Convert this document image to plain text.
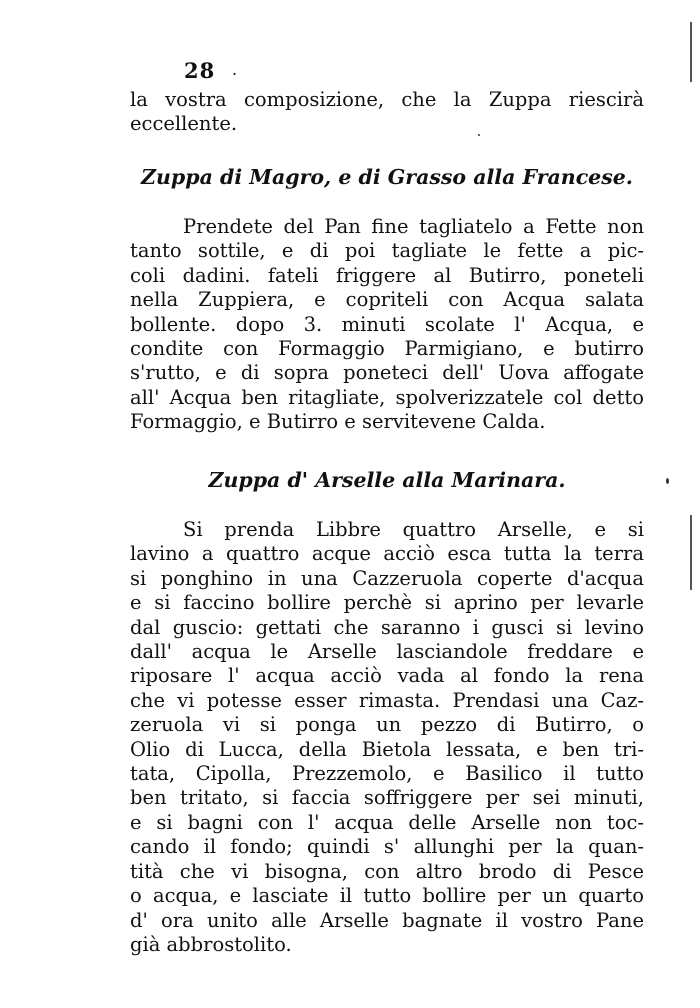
28 .
la vostra composizione, che la Zuppa riescirà
eccellente.
Zuppa di Magro, e di Grasso alla Francese.
Prendete del Pan fine tagliatelo a Fette non
tanto sottile, e di poi tagliate le fette a pic-
coli dadini. fateli friggere al Butirro, poneteli
nella Zuppiera, e copriteli con Acqua salata
bollente. dopo 3. minuti scolate l' Acqua, e
condite con Formaggio Parmigiano, e butirro
s'rutto, e di sopra poneteci dell' Uova affogate
all' Acqua ben ritagliate, spolverizzatele col detto
Formaggio, e Butirro e servitevene Calda.
Zuppa d' Arselle alla Marinara.
Si prenda Libbre quattro Arselle, e si
lavino a quattro acque acciò esca tutta la terra
si ponghino in una Cazzeruola coperte d'acqua
e si faccino bollire perchè si aprino per levarle
dal guscio: gettati che saranno i gusci si levino
dall' acqua le Arselle lasciandole freddare e
riposare l' acqua acciò vada al fondo la rena
che vi potesse esser rimasta. Prendasi una Caz-
zeruola vi si ponga un pezzo di Butirro, o
Olio di Lucca, della Bietola lessata, e ben tri-
tata, Cipolla, Prezzemolo, e Basilico il tutto
ben tritato, si faccia soffriggere per sei minuti,
e si bagni con l' acqua delle Arselle non toc-
cando il fondo; quindi s' allunghi per la quan-
tità che vi bisogna, con altro brodo di Pesce
o acqua, e lasciate il tutto bollire per un quarto
d' ora unito alle Arselle bagnate il vostro Pane
già abbrostolito.
